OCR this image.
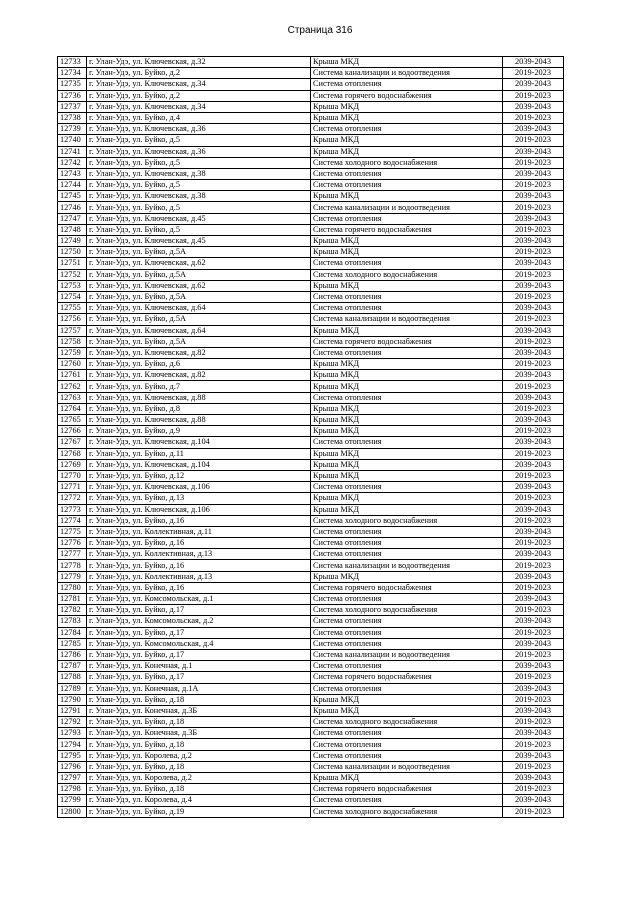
Страница 316
12733	г. Улан-Удэ, ул. Ключевская, д.32	Крыша МКД	2039-2043
12734	г. Улан-Удэ, ул. Буйко, д.2	Система канализации и водоотведения	2019-2023
12735	г. Улан-Удэ, ул. Ключевская, д.34	Система отопления	2039-2043
12736	г. Улан-Удэ, ул. Буйко, д.2	Система горячего водоснабжения	2019-2023
12737	г. Улан-Удэ, ул. Ключевская, д.34	Крыша МКД	2039-2043
12738	г. Улан-Удэ, ул. Буйко, д.4	Крыша МКД	2019-2023
12739	г. Улан-Удэ, ул. Ключевская, д.36	Система отопления	2039-2043
12740	г. Улан-Удэ, ул. Буйко, д.5	Крыша МКД	2019-2023
12741	г. Улан-Удэ, ул. Ключевская, д.36	Крыша МКД	2039-2043
12742	г. Улан-Удэ, ул. Буйко, д.5	Система холодного водоснабжения	2019-2023
12743	г. Улан-Удэ, ул. Ключевская, д.38	Система отопления	2039-2043
12744	г. Улан-Удэ, ул. Буйко, д.5	Система отопления	2019-2023
12745	г. Улан-Удэ, ул. Ключевская, д.38	Крыша МКД	2039-2043
12746	г. Улан-Удэ, ул. Буйко, д.5	Система канализации и водоотведения	2019-2023
12747	г. Улан-Удэ, ул. Ключевская, д.45	Система отопления	2039-2043
12748	г. Улан-Удэ, ул. Буйко, д.5	Система горячего водоснабжения	2019-2023
12749	г. Улан-Удэ, ул. Ключевская, д.45	Крыша МКД	2039-2043
12750	г. Улан-Удэ, ул. Буйко, д.5А	Крыша МКД	2019-2023
12751	г. Улан-Удэ, ул. Ключевская, д.62	Система отопления	2039-2043
12752	г. Улан-Удэ, ул. Буйко, д.5А	Система холодного водоснабжения	2019-2023
12753	г. Улан-Удэ, ул. Ключевская, д.62	Крыша МКД	2039-2043
12754	г. Улан-Удэ, ул. Буйко, д.5А	Система отопления	2019-2023
12755	г. Улан-Удэ, ул. Ключевская, д.64	Система отопления	2039-2043
12756	г. Улан-Удэ, ул. Буйко, д.5А	Система канализации и водоотведения	2019-2023
12757	г. Улан-Удэ, ул. Ключевская, д.64	Крыша МКД	2039-2043
12758	г. Улан-Удэ, ул. Буйко, д.5А	Система горячего водоснабжения	2019-2023
12759	г. Улан-Удэ, ул. Ключевская, д.82	Система отопления	2039-2043
12760	г. Улан-Удэ, ул. Буйко, д.6	Крыша МКД	2019-2023
12761	г. Улан-Удэ, ул. Ключевская, д.82	Крыша МКД	2039-2043
12762	г. Улан-Удэ, ул. Буйко, д.7	Крыша МКД	2019-2023
12763	г. Улан-Удэ, ул. Ключевская, д.88	Система отопления	2039-2043
12764	г. Улан-Удэ, ул. Буйко, д.8	Крыша МКД	2019-2023
12765	г. Улан-Удэ, ул. Ключевская, д.88	Крыша МКД	2039-2043
12766	г. Улан-Удэ, ул. Буйко, д.9	Крыша МКД	2019-2023
12767	г. Улан-Удэ, ул. Ключевская, д.104	Система отопления	2039-2043
12768	г. Улан-Удэ, ул. Буйко, д.11	Крыша МКД	2019-2023
12769	г. Улан-Удэ, ул. Ключевская, д.104	Крыша МКД	2039-2043
12770	г. Улан-Удэ, ул. Буйко, д.12	Крыша МКД	2019-2023
12771	г. Улан-Удэ, ул. Ключевская, д.106	Система отопления	2039-2043
12772	г. Улан-Удэ, ул. Буйко, д.13	Крыша МКД	2019-2023
12773	г. Улан-Удэ, ул. Ключевская, д.106	Крыша МКД	2039-2043
12774	г. Улан-Удэ, ул. Буйко, д.16	Система холодного водоснабжения	2019-2023
12775	г. Улан-Удэ, ул. Коллективная, д.11	Система отопления	2039-2043
12776	г. Улан-Удэ, ул. Буйко, д.16	Система отопления	2019-2023
12777	г. Улан-Удэ, ул. Коллективная, д.13	Система отопления	2039-2043
12778	г. Улан-Удэ, ул. Буйко, д.16	Система канализации и водоотведения	2019-2023
12779	г. Улан-Удэ, ул. Коллективная, д.13	Крыша МКД	2039-2043
12780	г. Улан-Удэ, ул. Буйко, д.16	Система горячего водоснабжения	2019-2023
12781	г. Улан-Удэ, ул. Комсомольская, д.1	Система отопления	2039-2043
12782	г. Улан-Удэ, ул. Буйко, д.17	Система холодного водоснабжения	2019-2023
12783	г. Улан-Удэ, ул. Комсомольская, д.2	Система отопления	2039-2043
12784	г. Улан-Удэ, ул. Буйко, д.17	Система отопления	2019-2023
12785	г. Улан-Удэ, ул. Комсомольская, д.4	Система отопления	2039-2043
12786	г. Улан-Удэ, ул. Буйко, д.17	Система канализации и водоотведения	2019-2023
12787	г. Улан-Удэ, ул. Конечная, д.1	Система отопления	2039-2043
12788	г. Улан-Удэ, ул. Буйко, д.17	Система горячего водоснабжения	2019-2023
12789	г. Улан-Удэ, ул. Конечная, д.1А	Система отопления	2039-2043
12790	г. Улан-Удэ, ул. Буйко, д.18	Крыша МКД	2019-2023
12791	г. Улан-Удэ, ул. Конечная, д.3Б	Крыша МКД	2039-2043
12792	г. Улан-Удэ, ул. Буйко, д.18	Система холодного водоснабжения	2019-2023
12793	г. Улан-Удэ, ул. Конечная, д.3Б	Система отопления	2039-2043
12794	г. Улан-Удэ, ул. Буйко, д.18	Система отопления	2019-2023
12795	г. Улан-Удэ, ул. Королева, д.2	Система отопления	2039-2043
12796	г. Улан-Удэ, ул. Буйко, д.18	Система канализации и водоотведения	2019-2023
12797	г. Улан-Удэ, ул. Королева, д.2	Крыша МКД	2039-2043
12798	г. Улан-Удэ, ул. Буйко, д.18	Система горячего водоснабжения	2019-2023
12799	г. Улан-Удэ, ул. Королева, д.4	Система отопления	2039-2043
12800	г. Улан-Удэ, ул. Буйко, д.19	Система холодного водоснабжения	2019-2023
